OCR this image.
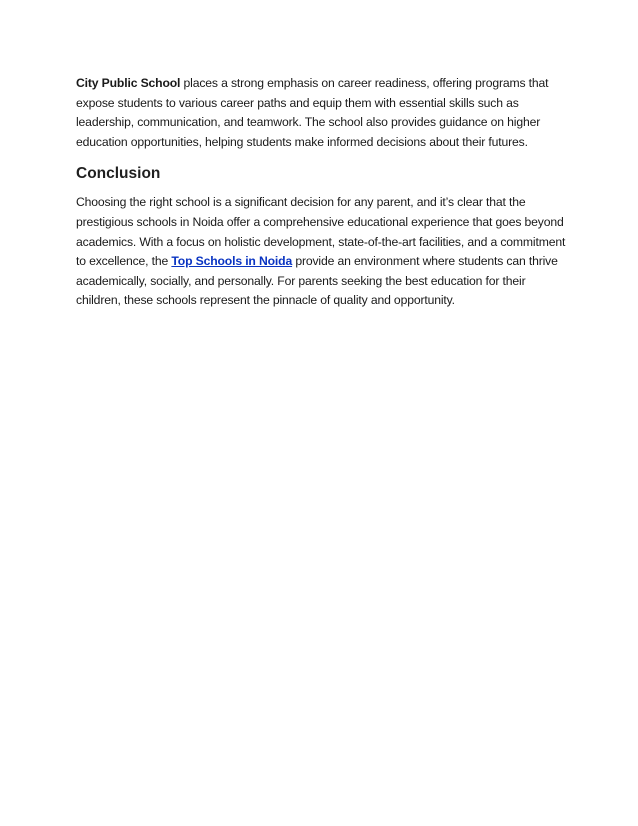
City Public School places a strong emphasis on career readiness, offering programs that expose students to various career paths and equip them with essential skills such as leadership, communication, and teamwork. The school also provides guidance on higher education opportunities, helping students make informed decisions about their futures.

Conclusion

Choosing the right school is a significant decision for any parent, and it’s clear that the prestigious schools in Noida offer a comprehensive educational experience that goes beyond academics. With a focus on holistic development, state-of-the-art facilities, and a commitment to excellence, the Top Schools in Noida provide an environment where students can thrive academically, socially, and personally. For parents seeking the best education for their children, these schools represent the pinnacle of quality and opportunity.
